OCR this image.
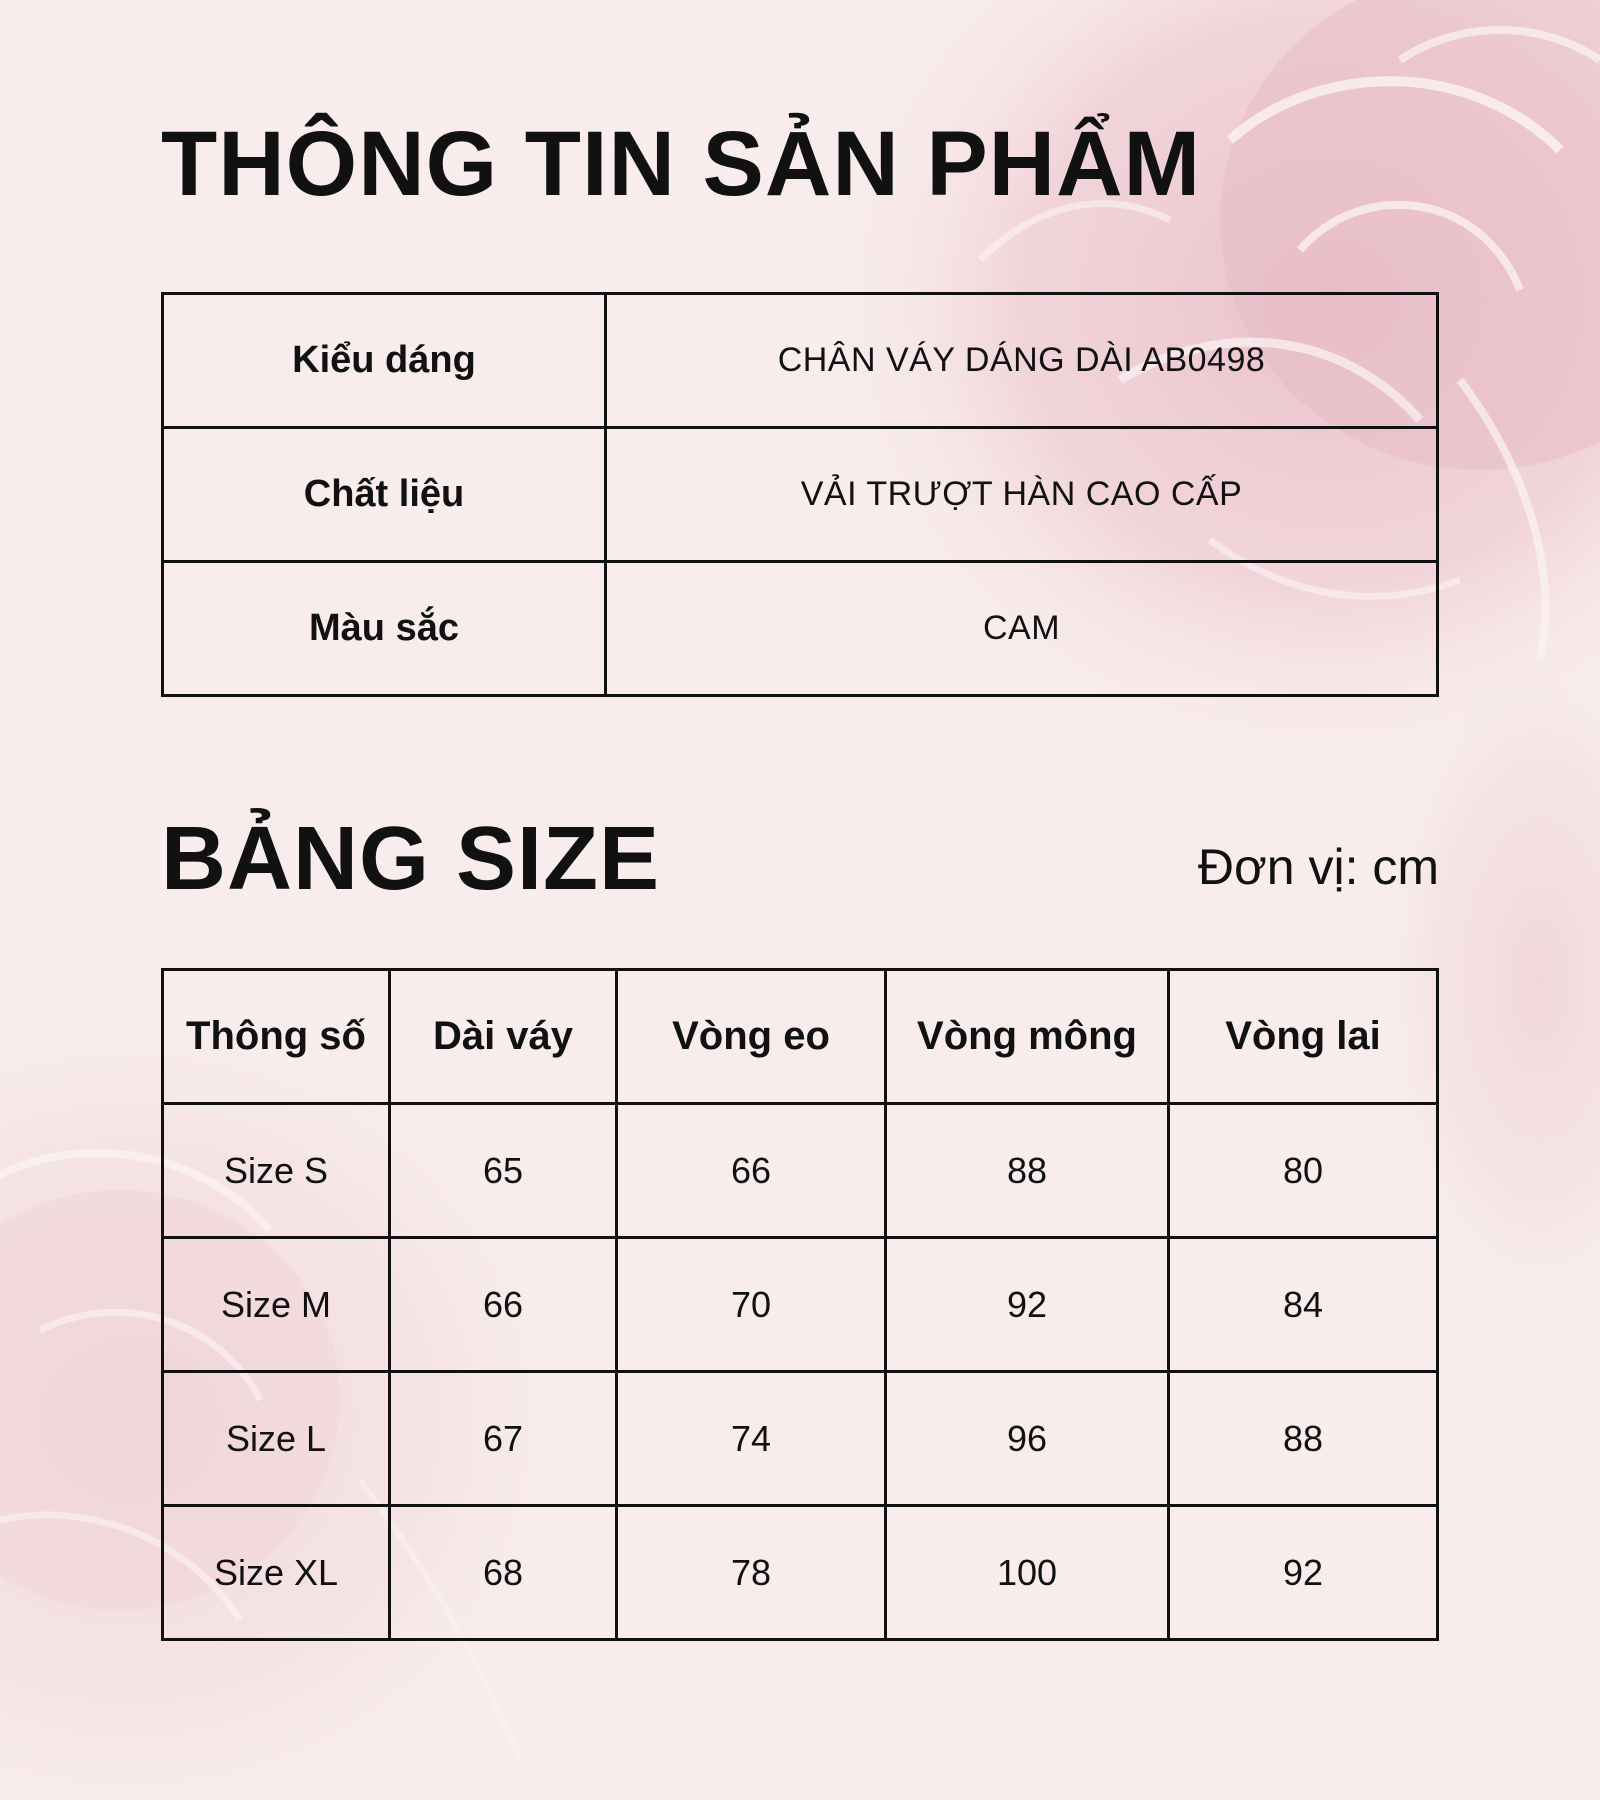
THÔNG TIN SẢN PHẨM
Kiểu dáng	CHÂN VÁY DÁNG DÀI AB0498
Chất liệu	VẢI TRƯỢT HÀN CAO CẤP
Màu sắc	CAM
BẢNG SIZE	Đơn vị: cm
Thông số	Dài váy	Vòng eo	Vòng mông	Vòng lai
Size S	65	66	88	80
Size M	66	70	92	84
Size L	67	74	96	88
Size XL	68	78	100	92
